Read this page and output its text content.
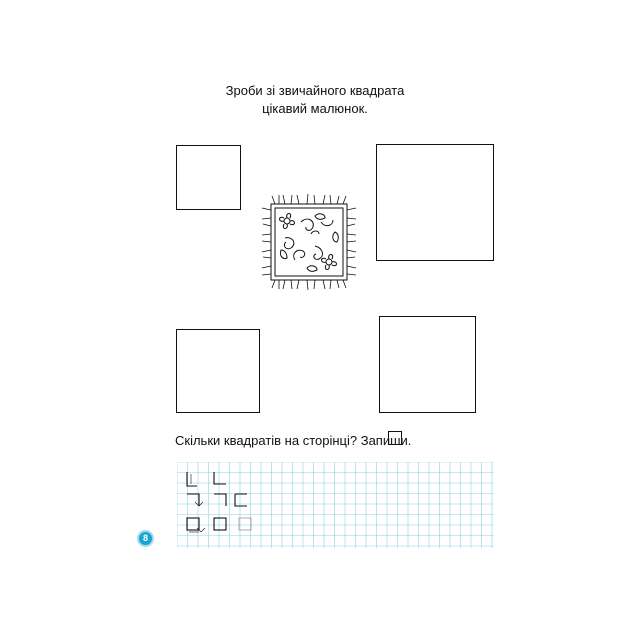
Зроби зі звичайного квадрата
цікавий малюнок.
Скільки квадратів на сторінці? Запиши.
8
